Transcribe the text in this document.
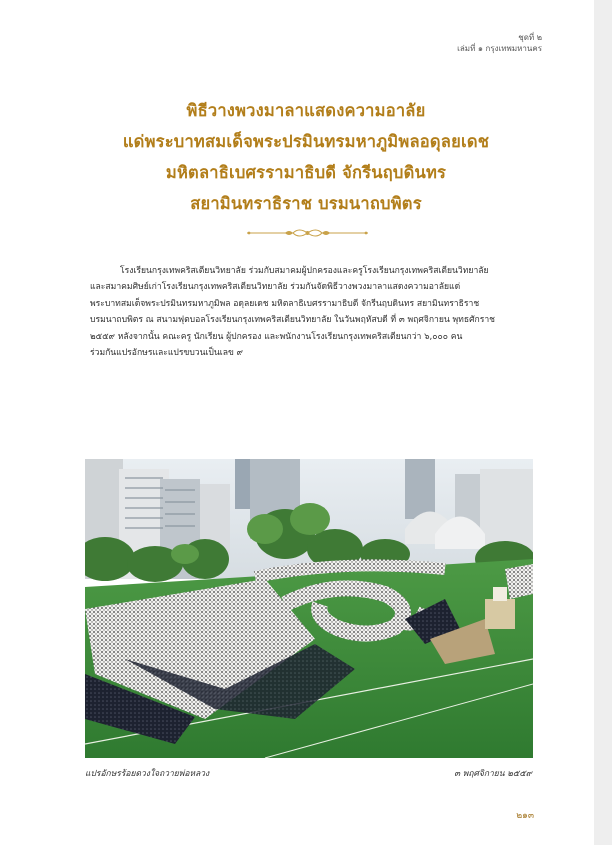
ชุดที่ ๒
เล่มที่ ๑ กรุงเทพมหานคร
พิธีวางพวงมาลาแสดงความอาลัย
แด่พระบาทสมเด็จพระปรมินทรมหาภูมิพลอดุลยเดช
มหิตลาธิเบศรรามาธิบดี จักรีนฤบดินทร
สยามินทราธิราช บรมนาถบพิตร
โรงเรียนกรุงเทพคริสเตียนวิทยาลัย ร่วมกับสมาคมผู้ปกครองและครูโรงเรียนกรุงเทพคริสเตียนวิทยาลัย
และสมาคมศิษย์เก่าโรงเรียนกรุงเทพคริสเตียนวิทยาลัย ร่วมกันจัดพิธีวางพวงมาลาแสดงความอาลัยแด่
พระบาทสมเด็จพระปรมินทรมหาภูมิพล อดุลยเดช มหิตลาธิเบศรรามาธิบดี จักรีนฤบดินทร สยามินทราธิราช
บรมนาถบพิตร ณ สนามฟุตบอลโรงเรียนกรุงเทพคริสเตียนวิทยาลัย ในวันพฤหัสบดี ที่ ๓ พฤศจิกายน พุทธศักราช
๒๕๕๙ หลังจากนั้น คณะครู นักเรียน ผู้ปกครอง และพนักงานโรงเรียนกรุงเทพคริสเตียนกว่า ๖,๐๐๐ คน
ร่วมกันแปรอักษรและแปรขบวนเป็นเลข ๙
แปรอักษรร้อยดวงใจถวายพ่อหลวง	๓ พฤศจิกายน ๒๕๕๙
๒๑๓
